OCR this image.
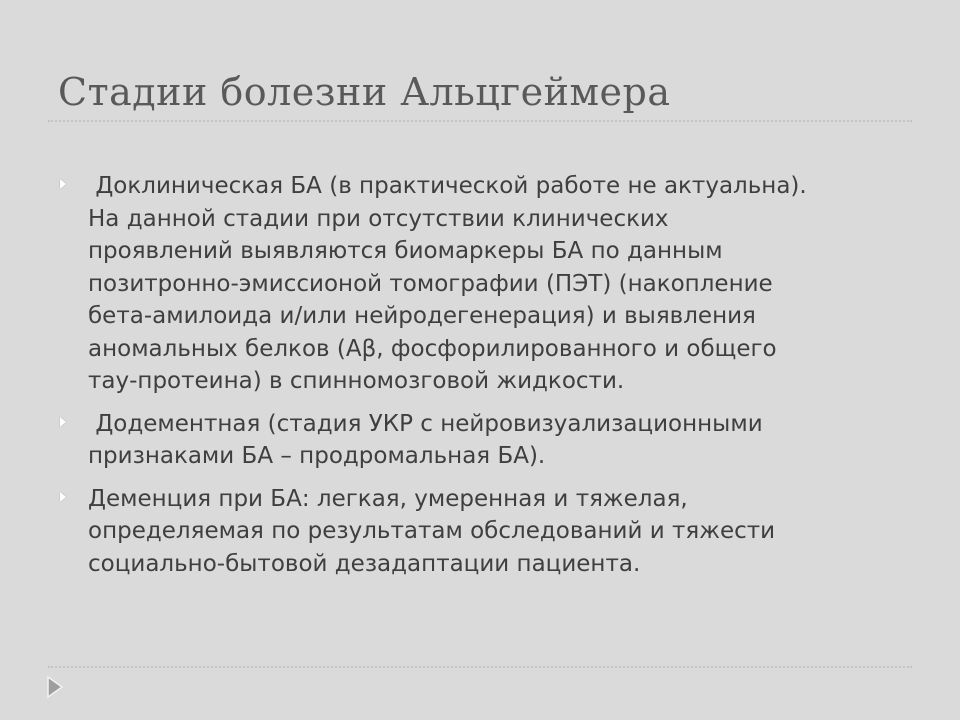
Стадии болезни Альцгеймера
Доклиническая БА (в практической работе не актуальна).
На данной стадии при отсутствии клинических
проявлений выявляются биомаркеры БА по данным
позитронно-эмиссионой томографии (ПЭТ) (накопление
бета-амилоида и/или нейродегенерация) и выявления
аномальных белков (Аβ, фосфорилированного и общего
тау-протеина) в спинномозговой жидкости.
Додементная (стадия УКР с нейровизуализационными
признаками БА – продромальная БА).
Деменция при БА: легкая, умеренная и тяжелая,
определяемая по результатам обследований и тяжести
социально-бытовой дезадаптации пациента.
